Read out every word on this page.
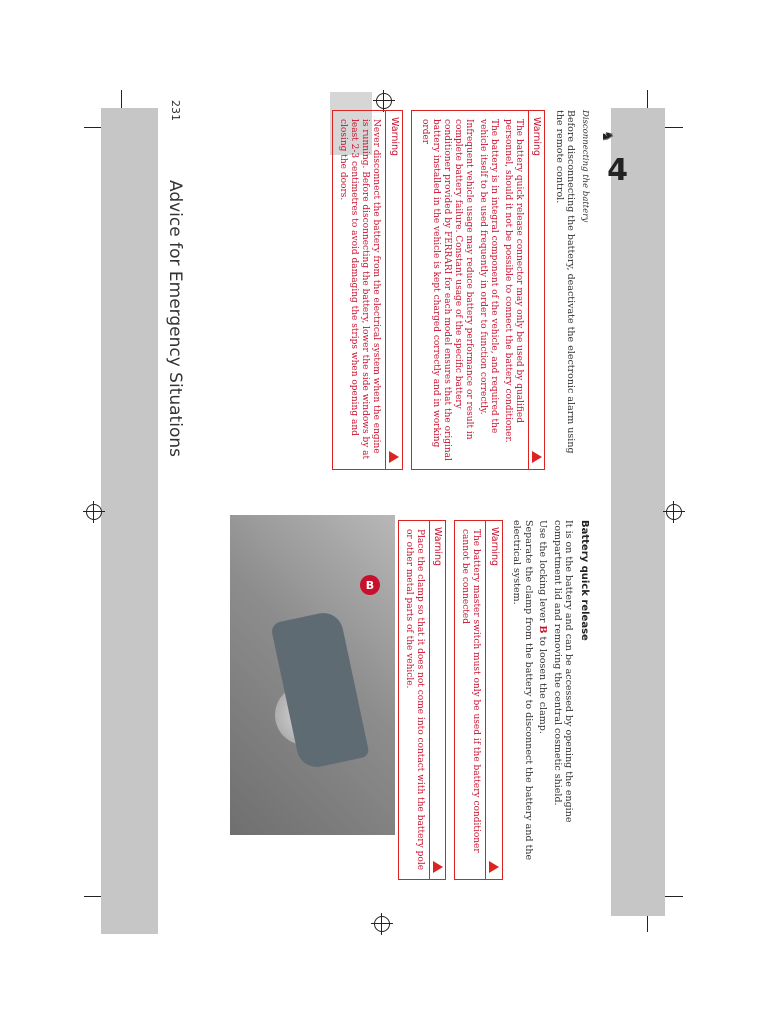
♞
4
Battery quick release

It is on the battery and can be accessed by opening the engine compartment lid and removing the central cosmetic shield.

Use the locking lever B to loosen the clamp.

Separate the clamp from the battery to disconnect the battery and the electrical system.

Warning
The battery master switch must only be used if the battery conditioner cannot be connected
Warning
Place the clamp so that it does not come into contact with the battery pole or other metal parts of the vehicle.
B
Disconnecting the battery

Before disconnecting the battery, deactivate the electronic alarm using the remote control.

Warning

The battery quick release connector may only be used by qualified personnel, should it not be possible to connect the battery conditioner.

The battery is in integral component of the vehicle, and required the vehicle itself to be used frequently in order to function correctly.

Infrequent vehicle usage may reduce battery performance or result in complete battery failure. Constant usage of the specific battery conditioner provided by FERRARI for each model ensures that the original battery installed in the vehicle is kept charged correctly and in working order

Warning
Never disconnect the battery from the electrical system when the engine is running. Before disconnecting the battery, lower the side windows by at least 2-3 centimetres to avoid damaging the strips when opening and closing the doors.
231
Advice for Emergency Situations
